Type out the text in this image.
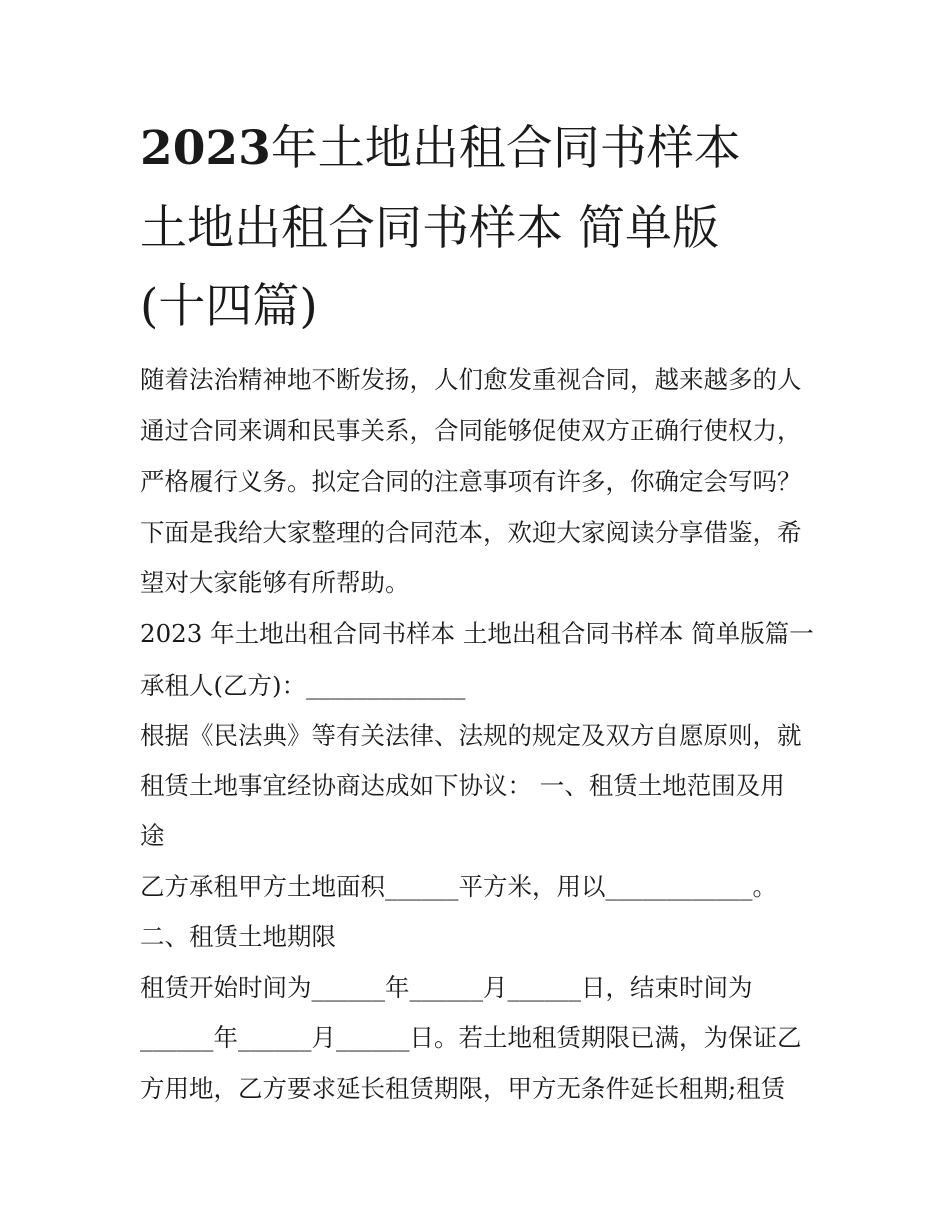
2023年土地出租合同书样本
土地出租合同书样本 简单版
(十四篇)

随着法治精神地不断发扬，人们愈发重视合同，越来越多的人

通过合同来调和民事关系，合同能够促使双方正确行使权力，

严格履行义务。拟定合同的注意事项有许多，你确定会写吗？

下面是我给大家整理的合同范本，欢迎大家阅读分享借鉴，希

望对大家能够有所帮助。

2023 年土地出租合同书样本 土地出租合同书样本 简单版篇一

承租人(乙方)：_____________

根据《民法典》等有关法律、法规的规定及双方自愿原则，就

租赁土地事宜经协商达成如下协议： 一、租赁土地范围及用

途

乙方承租甲方土地面积______平方米，用以____________。

二、租赁土地期限

租赁开始时间为______年______月______日，结束时间为

______年______月______日。若土地租赁期限已满，为保证乙

方用地，乙方要求延长租赁期限，甲方无条件延长租期;租赁
